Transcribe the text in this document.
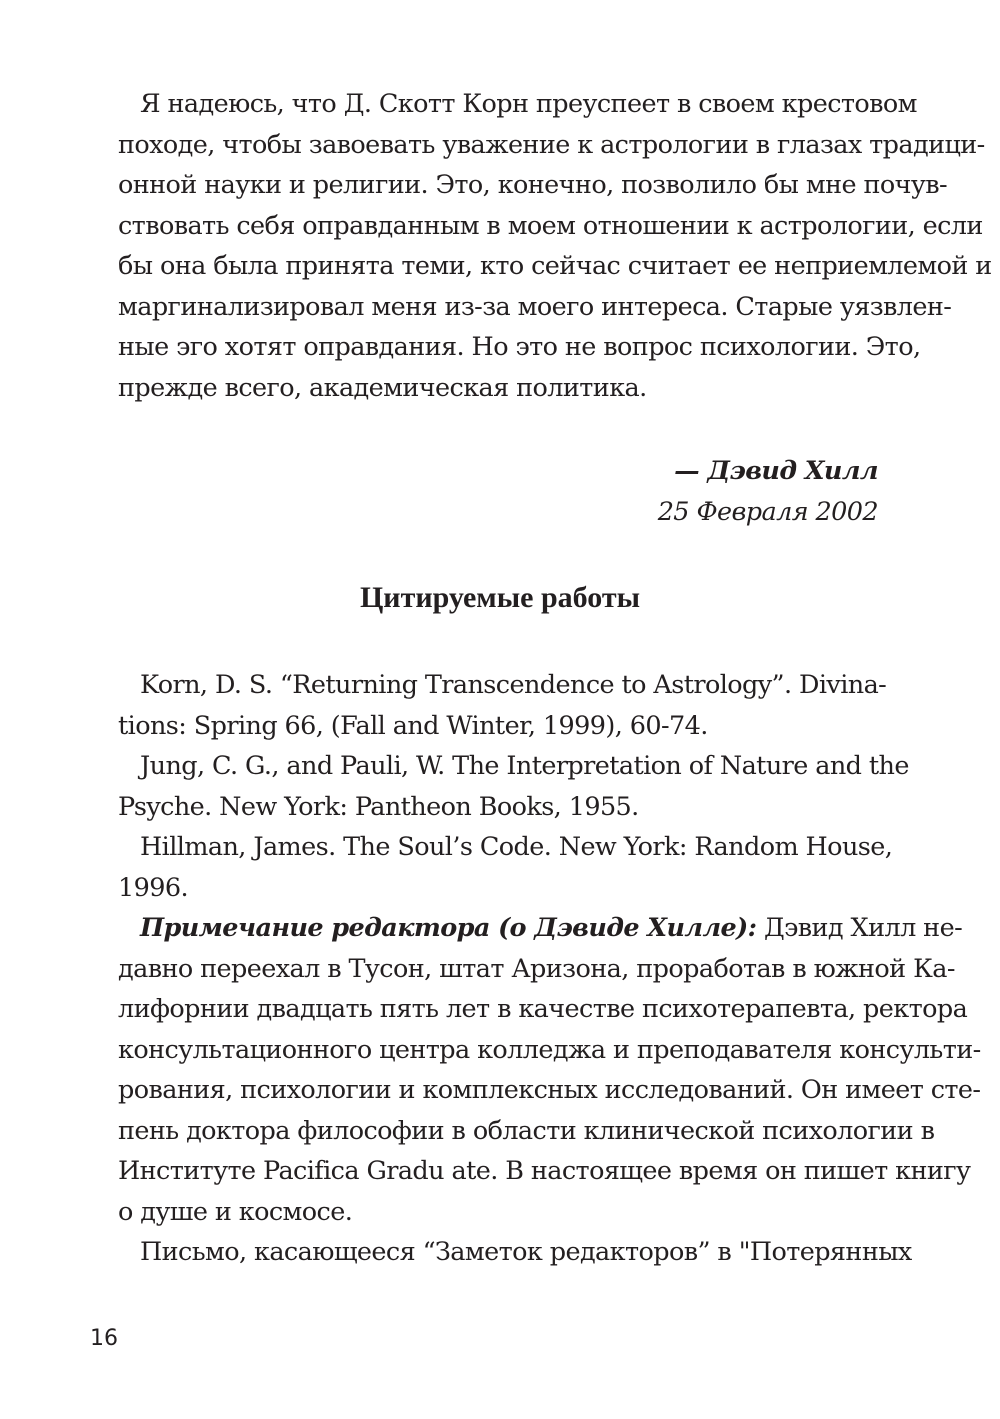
Я надеюсь, что Д. Скотт Корн преуспеет в своем крестовом
походе, чтобы завоевать уважение к астрологии в глазах традици-
онной науки и религии. Это, конечно, позволило бы мне почув-
ствовать себя оправданным в моем отношении к астрологии, если
бы она была принята теми, кто сейчас считает ее неприемлемой и
маргинализировал меня из-за моего интереса. Старые уязвлен-
ные эго хотят оправдания. Но это не вопрос психологии. Это,
прежде всего, академическая политика.
— Дэвид Хилл
25 Февраля 2002
Цитируемые работы
Korn, D. S. “Returning Transcendence to Astrology”. Divina-
tions: Spring 66, (Fall and Winter, 1999), 60-74.
Jung, C. G., and Pauli, W. The Interpretation of Nature and the
Psyche. New York: Pantheon Books, 1955.
Hillman, James. The Soul’s Code. New York: Random House,
1996.
Примечание редактора (о Дэвиде Хилле): Дэвид Хилл не-
давно переехал в Тусон, штат Аризона, проработав в южной Ка-
лифорнии двадцать пять лет в качестве психотерапевта, ректора
консультационного центра колледжа и преподавателя консульти-
рования, психологии и комплексных исследований. Он имеет сте-
пень доктора философии в области клинической психологии в
Институте Pacifica Gradu ate. В настоящее время он пишет книгу
о душе и космосе.
Письмо, касающееся “Заметок редакторов” в "Потерянных
16
